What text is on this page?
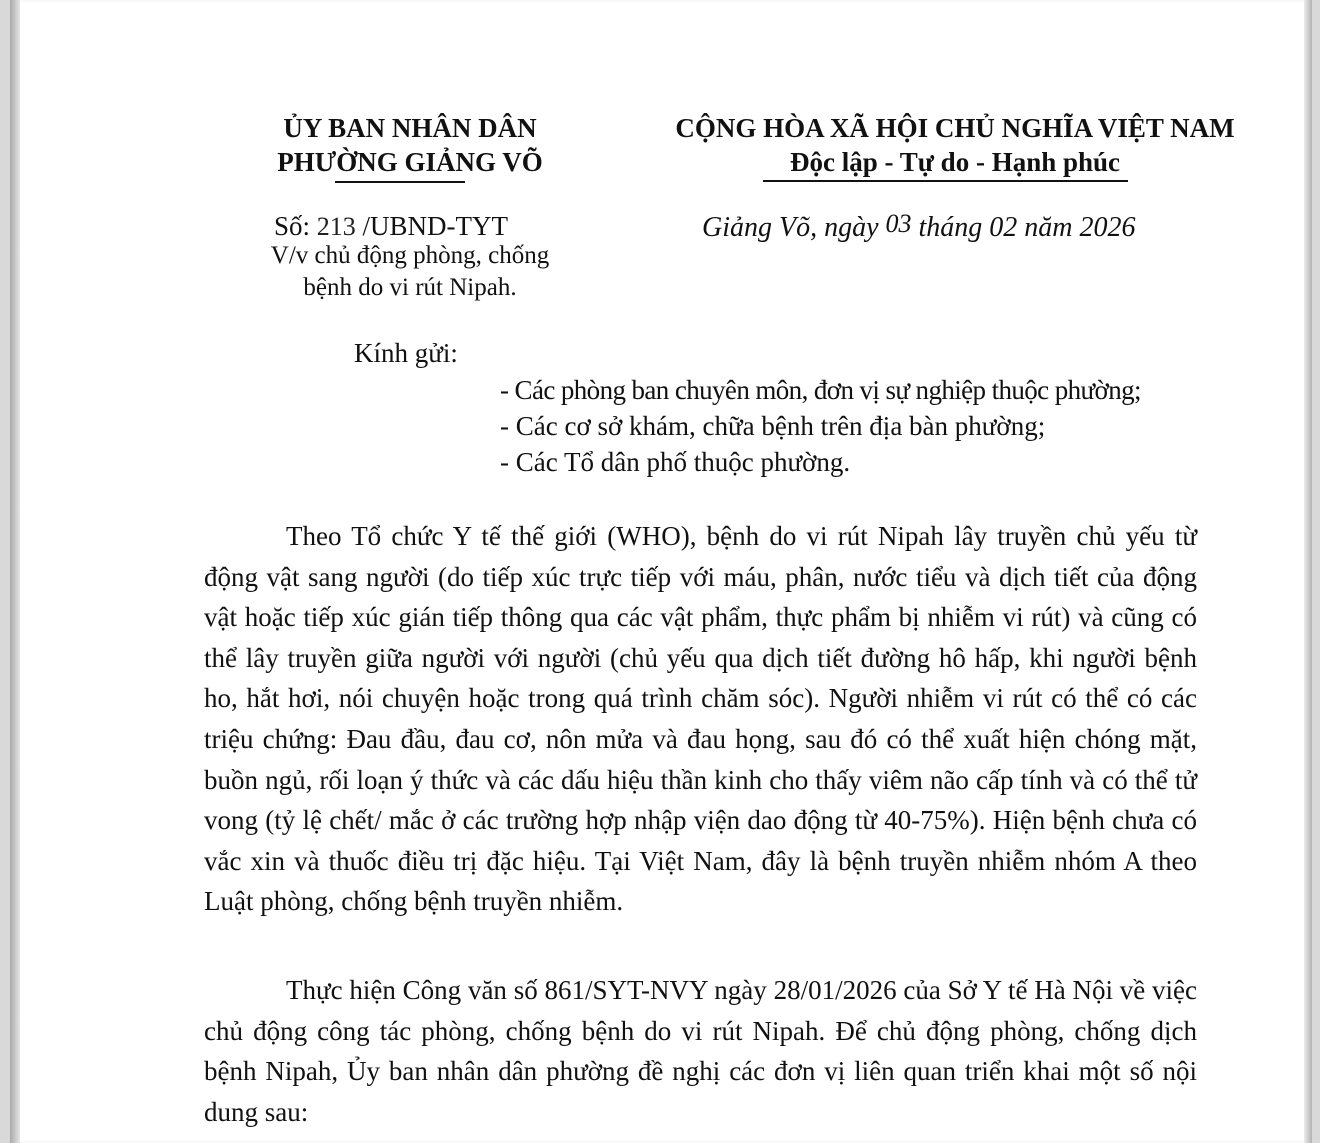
ỦY BAN NHÂN DÂN
PHƯỜNG GIẢNG VÕ
CỘNG HÒA XÃ HỘI CHỦ NGHĨA VIỆT NAM
Độc lập - Tự do - Hạnh phúc
Số: 213 /UBND-TYT
V/v chủ động phòng, chống
bệnh do vi rút Nipah.
Giảng Võ, ngày 03 tháng 02 năm 2026
Kính gửi:
- Các phòng ban chuyên môn, đơn vị sự nghiệp thuộc phường;
- Các cơ sở khám, chữa bệnh trên địa bàn phường;
- Các Tổ dân phố thuộc phường.
Theo Tổ chức Y tế thế giới (WHO), bệnh do vi rút Nipah lây truyền chủ yếu từ động vật sang người (do tiếp xúc trực tiếp với máu, phân, nước tiểu và dịch tiết của động vật hoặc tiếp xúc gián tiếp thông qua các vật phẩm, thực phẩm bị nhiễm vi rút) và cũng có thể lây truyền giữa người với người (chủ yếu qua dịch tiết đường hô hấp, khi người bệnh ho, hắt hơi, nói chuyện hoặc trong quá trình chăm sóc). Người nhiễm vi rút có thể có các triệu chứng: Đau đầu, đau cơ, nôn mửa và đau họng, sau đó có thể xuất hiện chóng mặt, buồn ngủ, rối loạn ý thức và các dấu hiệu thần kinh cho thấy viêm não cấp tính và có thể tử vong (tỷ lệ chết/ mắc ở các trường hợp nhập viện dao động từ 40-75%). Hiện bệnh chưa có vắc xin và thuốc điều trị đặc hiệu. Tại Việt Nam, đây là bệnh truyền nhiễm nhóm A theo Luật phòng, chống bệnh truyền nhiễm.
Thực hiện Công văn số 861/SYT-NVY ngày 28/01/2026 của Sở Y tế Hà Nội về việc chủ động công tác phòng, chống bệnh do vi rút Nipah. Để chủ động phòng, chống dịch bệnh Nipah, Ủy ban nhân dân phường đề nghị các đơn vị liên quan triển khai một số nội dung sau:
